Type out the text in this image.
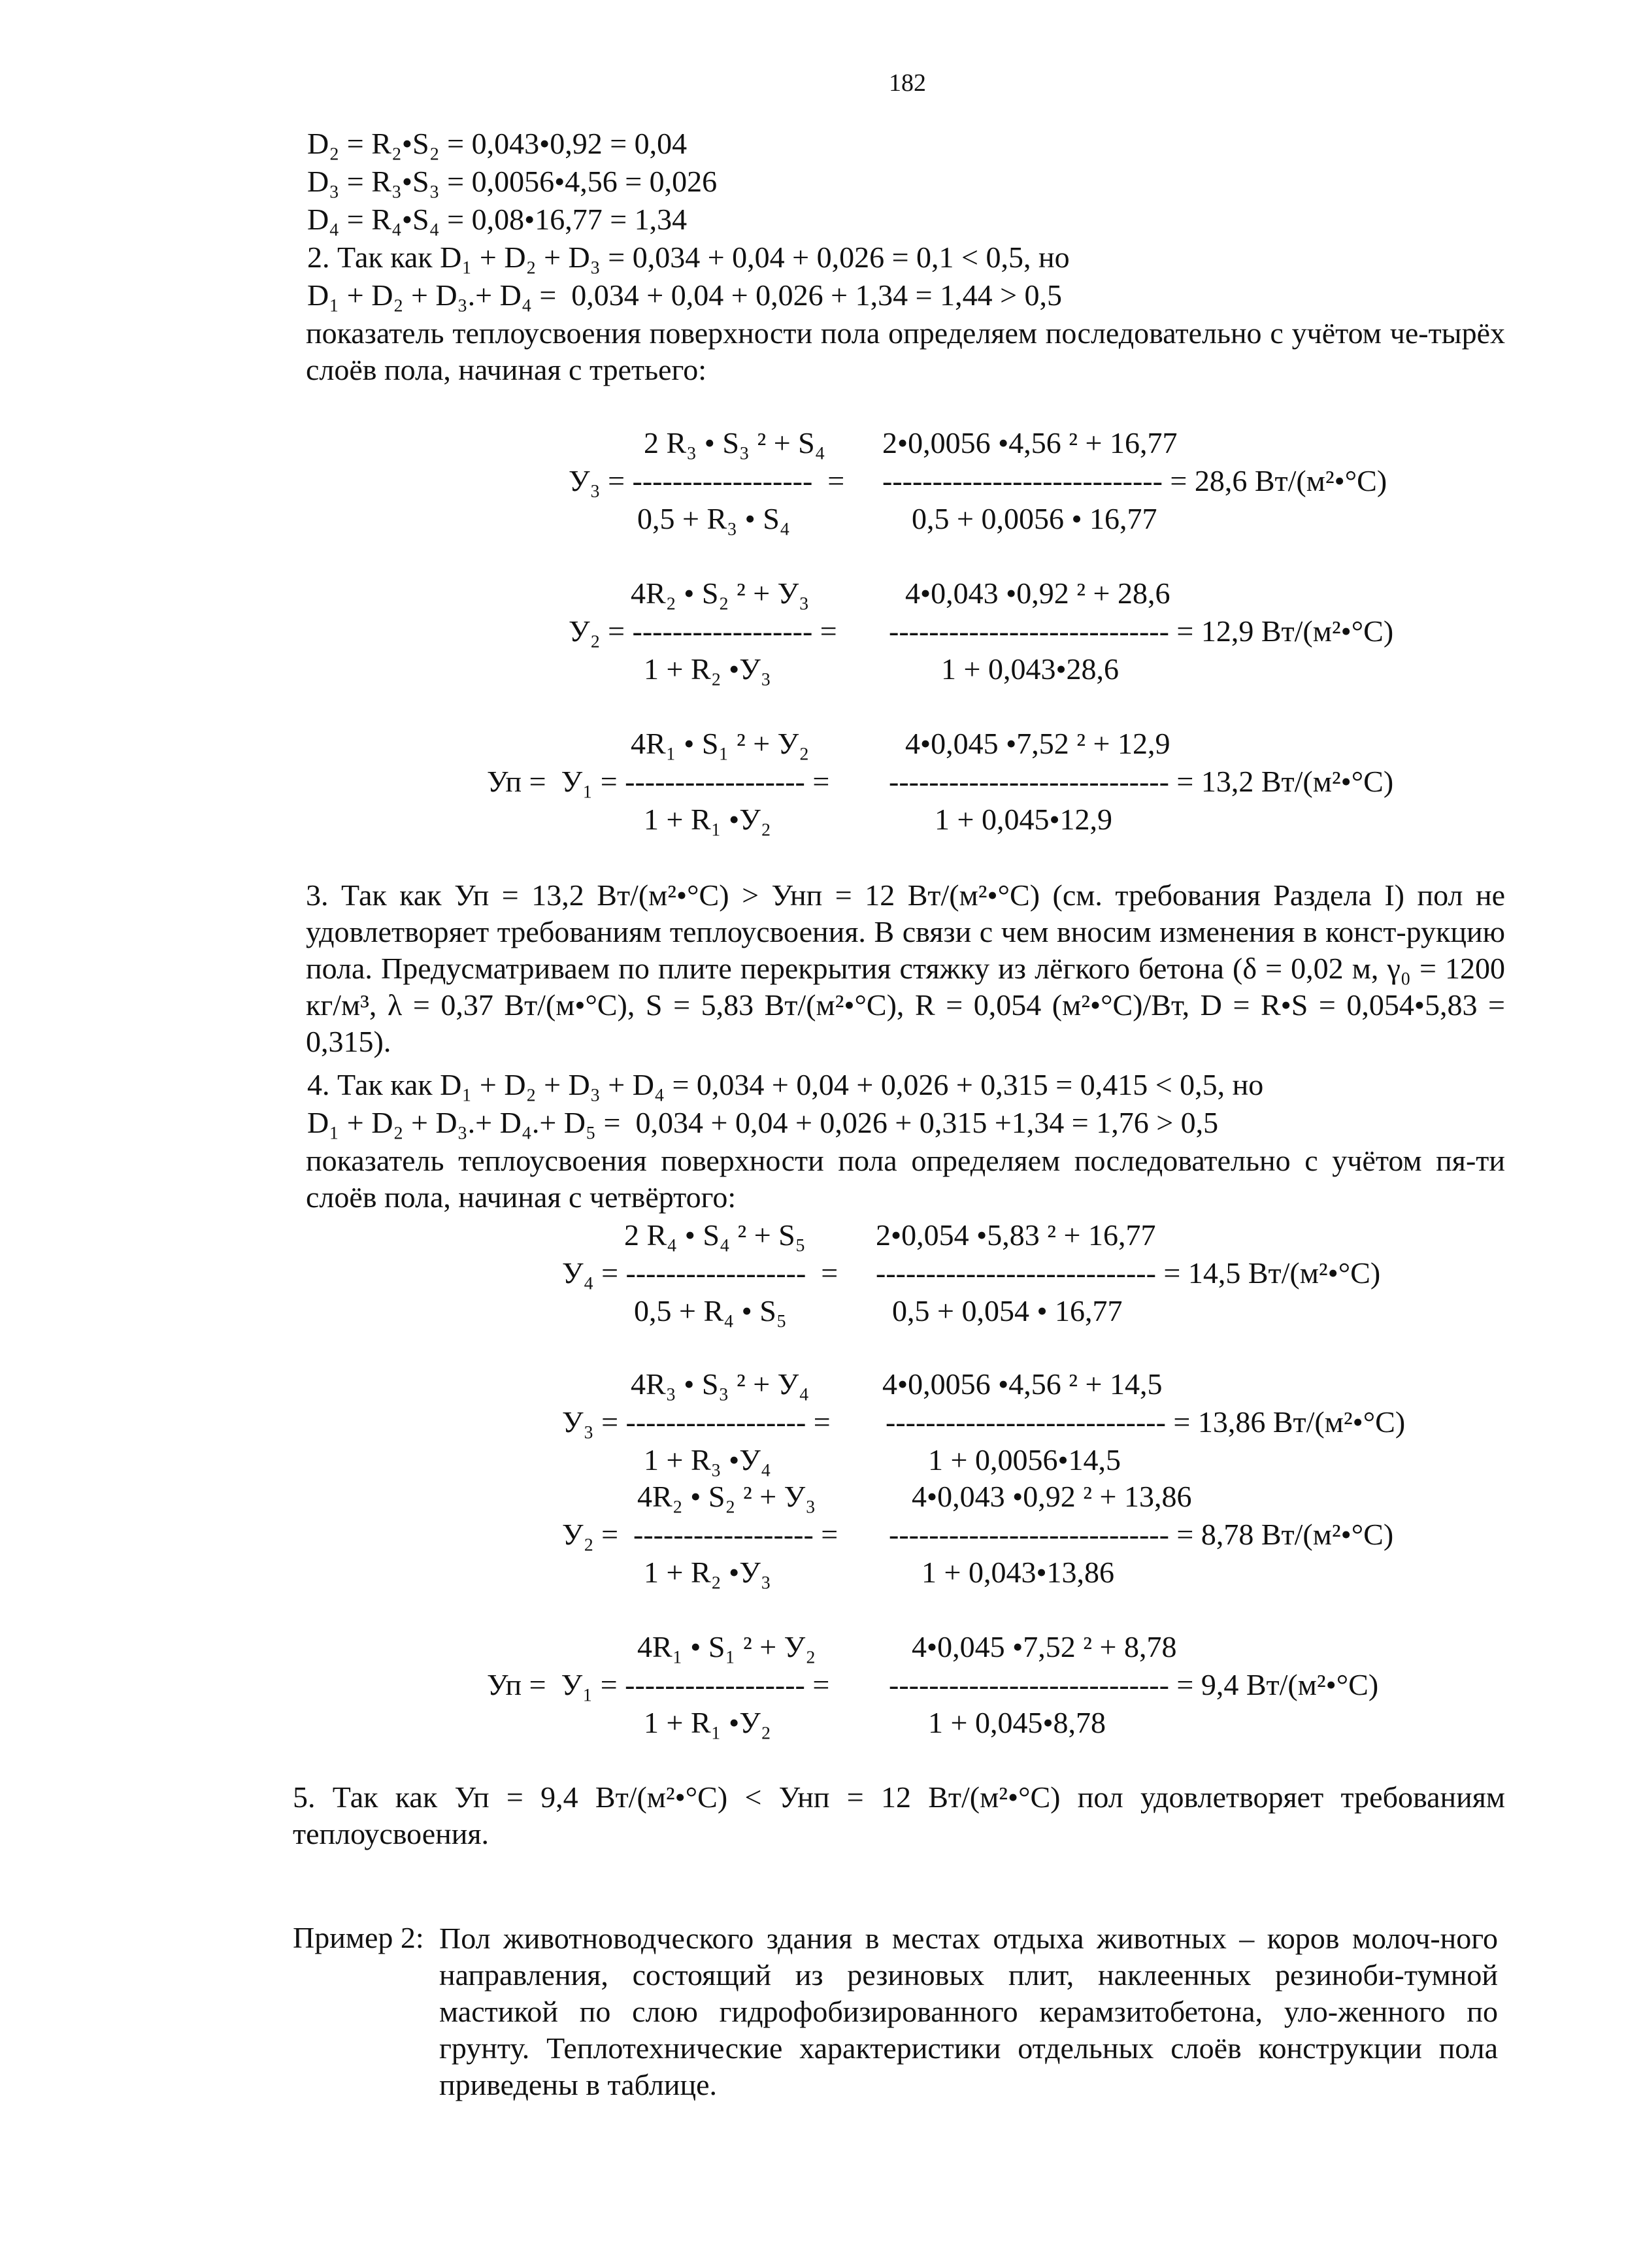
182
D₂ = R₂•S₂ = 0,043•0,92 = 0,04
D₃ = R₃•S₃ = 0,0056•4,56 = 0,026
D₄ = R₄•S₄ = 0,08•16,77 = 1,34
2. Так как D₁ + D₂ + D₃ = 0,034 + 0,04 + 0,026 = 0,1 < 0,5, но
D₁ + D₂ + D₃.+ D₄ =  0,034 + 0,04 + 0,026 + 1,34 = 1,44 > 0,5
показатель теплоусвоения поверхности пола определяем последовательно с учётом че-тырёх слоёв пола, начиная с третьего:
2 R₃ • S₃ ² + S₄
У₃ = ------------------  =
0,5 + R₃ • S₄
2•0,0056 •4,56 ² + 16,77
---------------------------- = 28,6 Вт/(м²•°C)
0,5 + 0,0056 • 16,77
4R₂ • S₂ ² + У₃
У₂ = ------------------ =
1 + R₂ •У₃
4•0,043 •0,92 ² + 28,6
---------------------------- = 12,9 Вт/(м²•°C)
1 + 0,043•28,6
4R₁ • S₁ ² + У₂
Уп =  У₁ = ------------------ =
1 + R₁ •У₂
4•0,045 •7,52 ² + 12,9
---------------------------- = 13,2 Вт/(м²•°C)
1 + 0,045•12,9
3. Так как Уп = 13,2 Вт/(м²•°С) > Унп = 12 Вт/(м²•°С) (см. требования Раздела I) пол не удовлетворяет требованиям теплоусвоения. В связи с чем вносим изменения в конст-рукцию пола. Предусматриваем по плите перекрытия стяжку из лёгкого бетона (δ = 0,02 м, γ₀ = 1200 кг/м³, λ = 0,37 Вт/(м•°С), S = 5,83 Вт/(м²•°С), R = 0,054 (м²•°С)/Вт, D = R•S = 0,054•5,83 = 0,315).
4. Так как D₁ + D₂ + D₃ + D₄ = 0,034 + 0,04 + 0,026 + 0,315 = 0,415 < 0,5, но
D₁ + D₂ + D₃.+ D₄.+ D₅ =  0,034 + 0,04 + 0,026 + 0,315 +1,34 = 1,76 > 0,5
показатель теплоусвоения поверхности пола определяем последовательно с учётом пя-ти слоёв пола, начиная с четвёртого:
2 R₄ • S₄ ² + S₅
У₄ = ------------------  =
0,5 + R₄ • S₅
2•0,054 •5,83 ² + 16,77
---------------------------- = 14,5 Вт/(м²•°C)
0,5 + 0,054 • 16,77
4R₃ • S₃ ² + У₄
У₃ = ------------------ =
1 + R₃ •У₄
4•0,0056 •4,56 ² + 14,5
---------------------------- = 13,86 Вт/(м²•°C)
1 + 0,0056•14,5
4R₂ • S₂ ² + У₃
У₂ =  ------------------ =
1 + R₂ •У₃
4•0,043 •0,92 ² + 13,86
---------------------------- = 8,78 Вт/(м²•°C)
1 + 0,043•13,86
4R₁ • S₁ ² + У₂
Уп =  У₁ = ------------------ =
1 + R₁ •У₂
4•0,045 •7,52 ² + 8,78
---------------------------- = 9,4 Вт/(м²•°C)
1 + 0,045•8,78
5. Так как Уп = 9,4 Вт/(м²•°С) < Унп = 12 Вт/(м²•°С) пол удовлетворяет требованиям теплоусвоения.
Пример 2: Пол животноводческого здания в местах отдыха животных – коров молоч-ного направления, состоящий из резиновых плит, наклеенных резиноби-тумной мастикой по слою гидрофобизированного керамзитобетона, уло-женного по грунту. Теплотехнические характеристики отдельных слоёв конструкции пола приведены в таблице.
